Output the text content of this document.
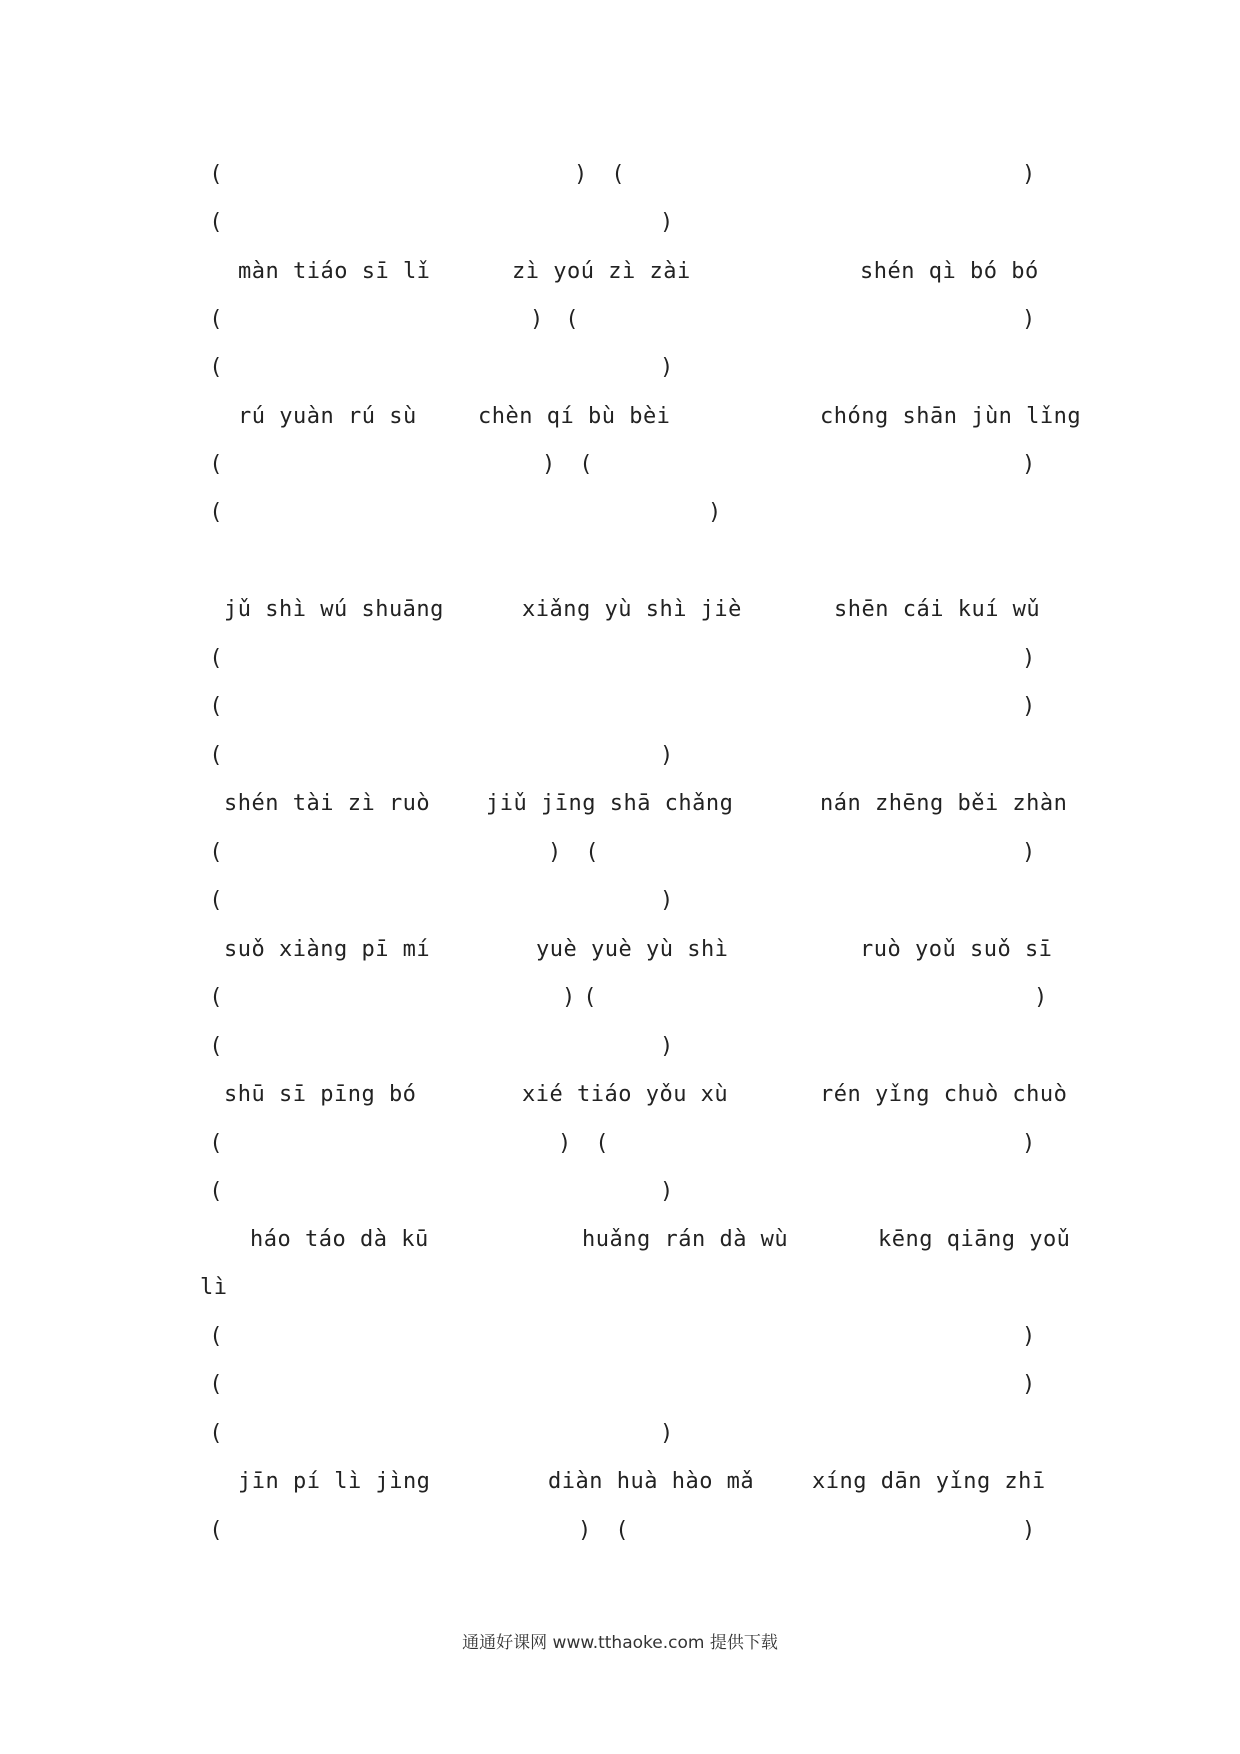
(	) (	)
(	)
màn tiáo sī lǐ	zì yoú zì zài	shén qì bó bó
(	) (	)
(	)
rú yuàn rú sù	chèn qí bù bèi	chóng shān jùn lǐng
(	) (	)
(	)
jǔ shì wú shuāng	xiǎng yù shì jiè	shēn cái kuí wǔ
(	)
(	)
(	)
shén tài zì ruò	jiǔ jīng shā chǎng	nán zhēng běi zhàn
(	) (	)
(	)
suǒ xiàng pī mí	yuè yuè yù shì	ruò yoǔ suǒ sī
(	) (	)
(	)
shū sī pīng bó	xié tiáo yǒu xù	rén yǐng chuò chuò
(	) (	)
(	)
háo táo dà kū	huǎng rán dà wù	kēng qiāng yoǔ
lì
(	)
(	)
(	)
jīn pí lì jìng	diàn huà hào mǎ	xíng dān yǐng zhī
(	) (	)
通通好课网 www.tthaoke.com 提供下载
